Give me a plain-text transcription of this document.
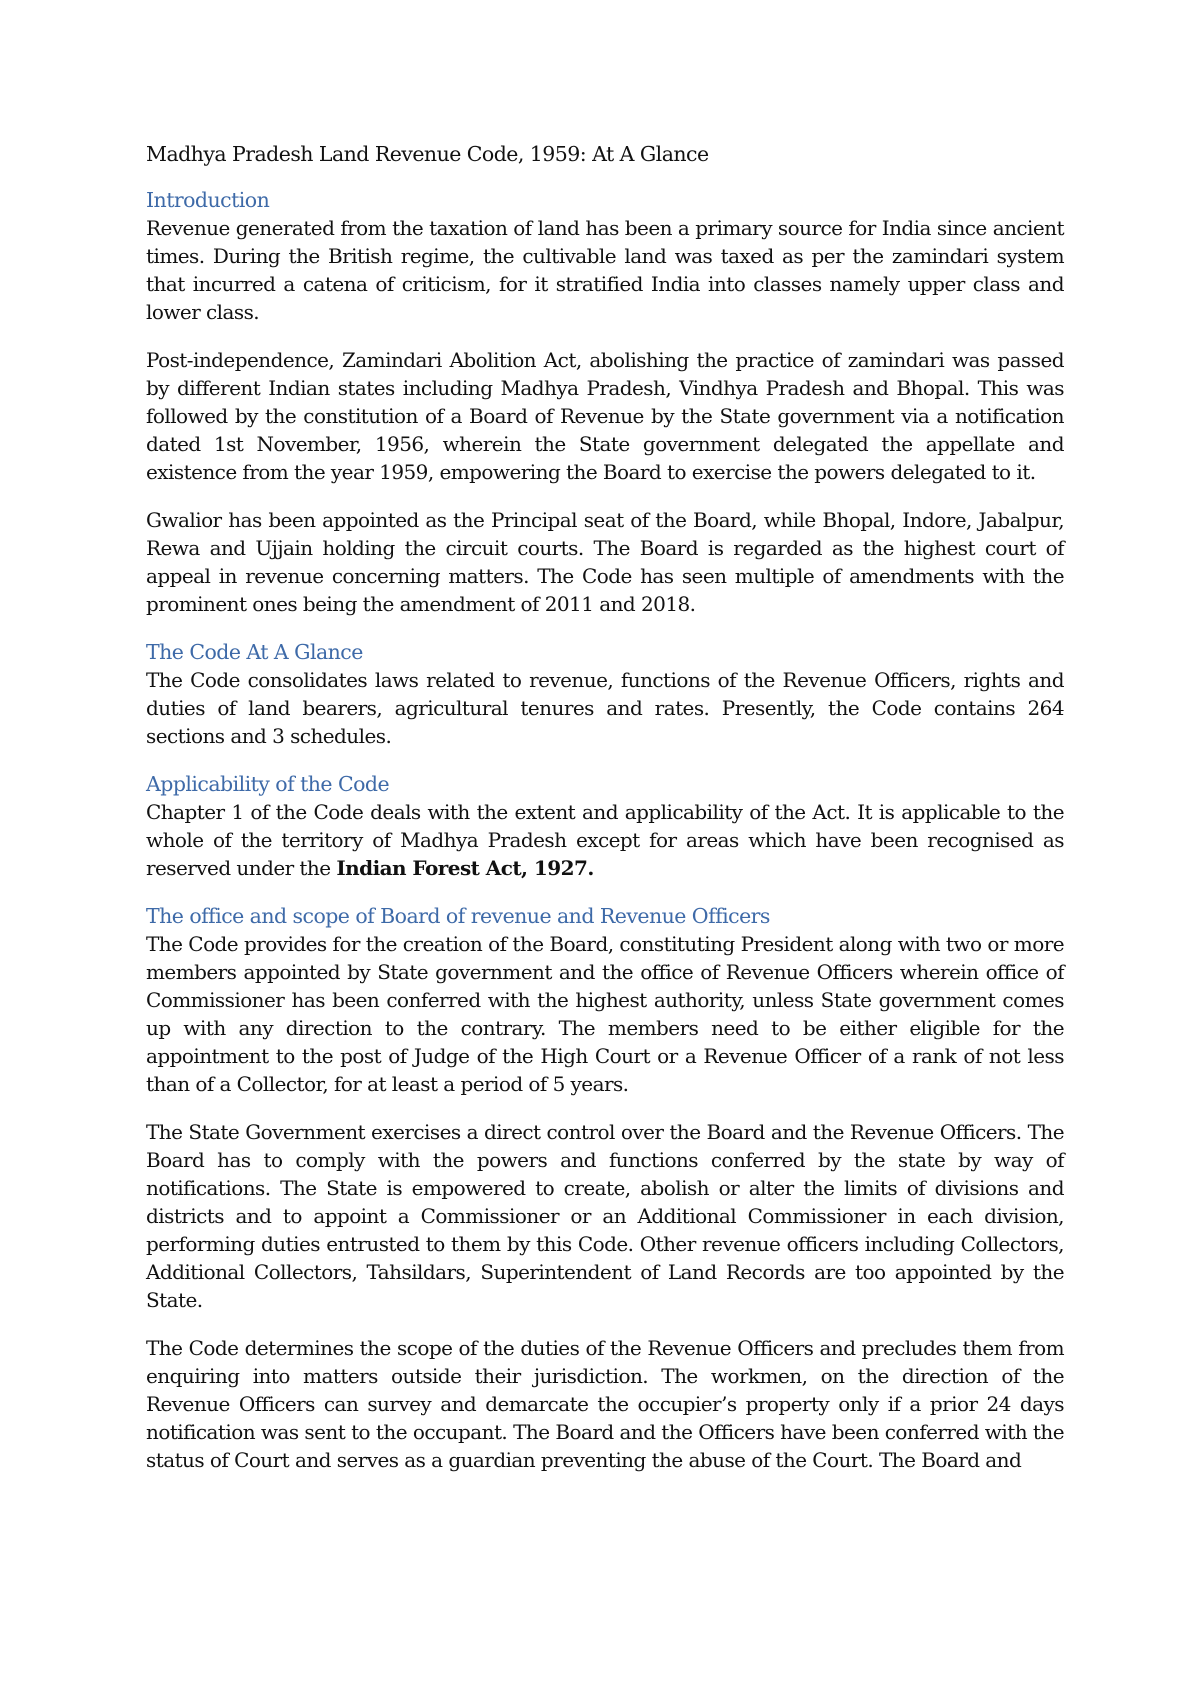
Madhya Pradesh Land Revenue Code, 1959: At A Glance
Introduction

Revenue generated from the taxation of land has been a primary source for India since ancient times. During the British regime, the cultivable land was taxed as per the zamindari system that incurred a catena of criticism, for it stratified India into classes namely upper class and lower class.

Post-independence, Zamindari Abolition Act, abolishing the practice of zamindari was passed by different Indian states including Madhya Pradesh, Vindhya Pradesh and Bhopal. This was followed by the constitution of a Board of Revenue by the State government via a notification dated 1st November, 1956, wherein the State government delegated the appellate and existence from the year 1959, empowering the Board to exercise the powers delegated to it.

Gwalior has been appointed as the Principal seat of the Board, while Bhopal, Indore, Jabalpur, Rewa and Ujjain holding the circuit courts. The Board is regarded as the highest court of appeal in revenue concerning matters. The Code has seen multiple of amendments with the prominent ones being the amendment of 2011 and 2018.

The Code At A Glance

The Code consolidates laws related to revenue, functions of the Revenue Officers, rights and duties of land bearers, agricultural tenures and rates. Presently, the Code contains 264 sections and 3 schedules.

Applicability of the Code

Chapter 1 of the Code deals with the extent and applicability of the Act. It is applicable to the whole of the territory of Madhya Pradesh except for areas which have been recognised as reserved under the Indian Forest Act, 1927.

The office and scope of Board of revenue and Revenue Officers

The Code provides for the creation of the Board, constituting President along with two or more members appointed by State government and the office of Revenue Officers wherein office of Commissioner has been conferred with the highest authority, unless State government comes up with any direction to the contrary. The members need to be either eligible for the appointment to the post of Judge of the High Court or a Revenue Officer of a rank of not less than of a Collector, for at least a period of 5 years.

The State Government exercises a direct control over the Board and the Revenue Officers. The Board has to comply with the powers and functions conferred by the state by way of notifications. The State is empowered to create, abolish or alter the limits of divisions and districts and to appoint a Commissioner or an Additional Commissioner in each division, performing duties entrusted to them by this Code. Other revenue officers including Collectors, Additional Collectors, Tahsildars, Superintendent of Land Records are too appointed by the State.

The Code determines the scope of the duties of the Revenue Officers and precludes them from enquiring into matters outside their jurisdiction. The workmen, on the direction of the Revenue Officers can survey and demarcate the occupier’s property only if a prior 24 days notification was sent to the occupant. The Board and the Officers have been conferred with the status of Court and serves as a guardian preventing the abuse of the Court. The Board and
